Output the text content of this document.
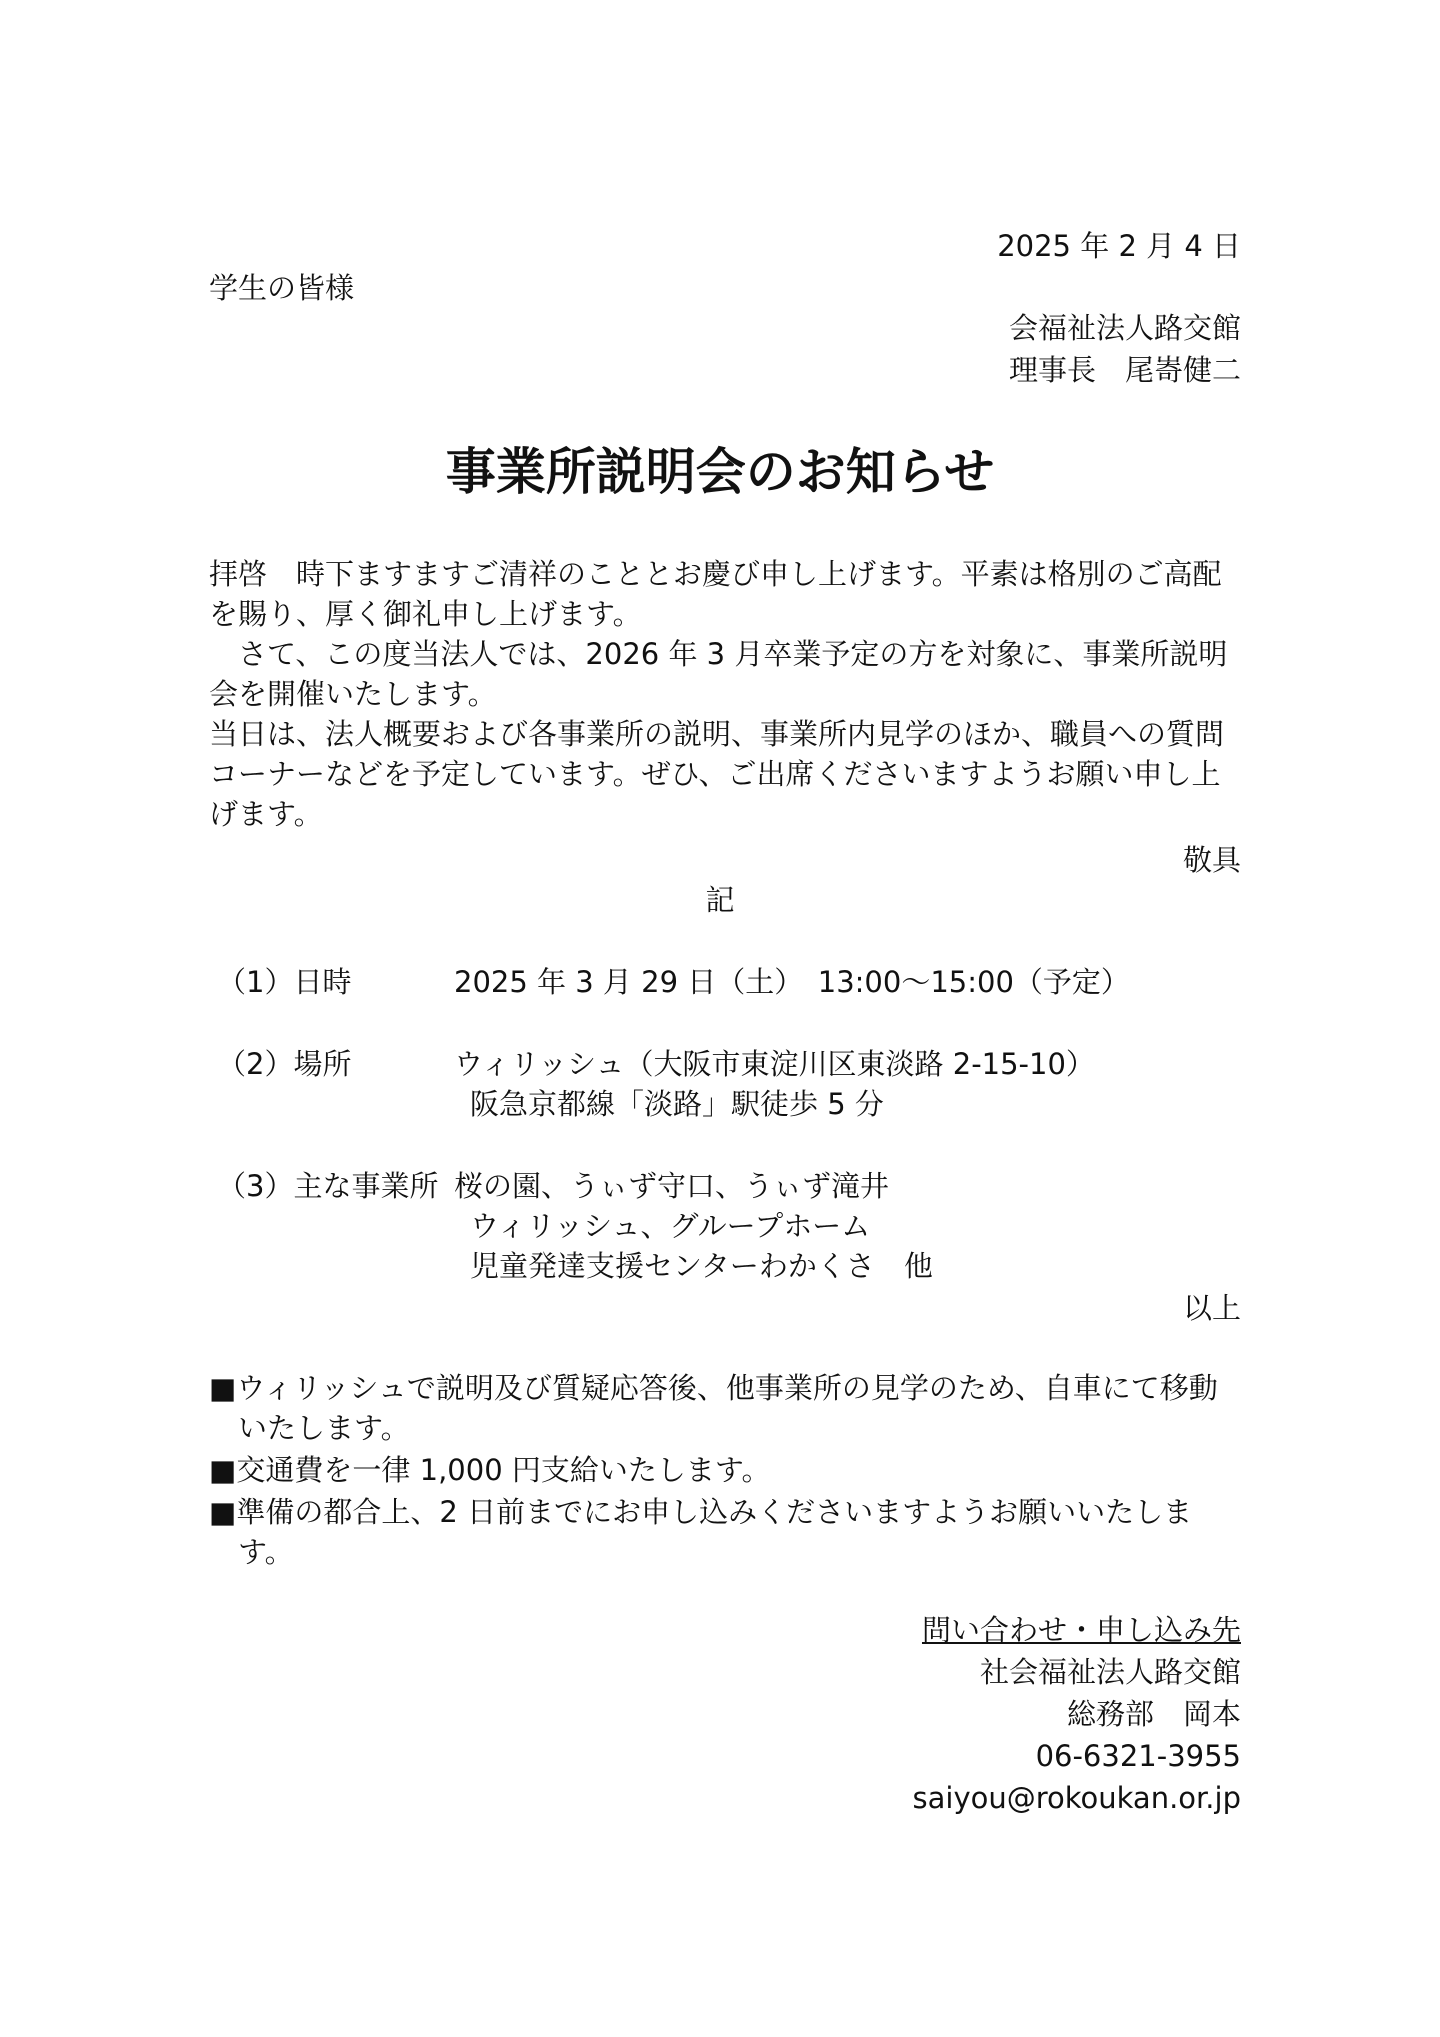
2025 年 2 月 4 日
学生の皆様
会福祉法人路交館
理事長　尾㟢健二
事業所説明会のお知らせ

拝啓　時下ますますご清祥のこととお慶び申し上げます。平素は格別のご高配を賜り、厚く御礼申し上げます。

さて、この度当法人では、2026 年 3 月卒業予定の方を対象に、事業所説明会を開催いたします。

当日は、法人概要および各事業所の説明、事業所内見学のほか、職員への質問コーナーなどを予定しています。ぜひ、ご出席くださいますようお願い申し上げます。

敬具
記
（1）日時	2025 年 3 月 29 日（土）　13:00～15:00（予定）
（2）場所	ウィリッシュ（大阪市東淀川区東淡路 2-15-10）
阪急京都線「淡路」駅徒歩 5 分
（3）主な事業所 桜の園、うぃず守口、うぃず滝井
ウィリッシュ、グループホーム
児童発達支援センターわかくさ　他
以上

■ウィリッシュで説明及び質疑応答後、他事業所の見学のため、自車にて移動いたします。

■交通費を一律 1,000 円支給いたします。

■準備の都合上、2 日前までにお申し込みくださいますようお願いいたします。

問い合わせ・申し込み先
社会福祉法人路交館
総務部　岡本
06-6321-3955
saiyou@rokoukan.or.jp
